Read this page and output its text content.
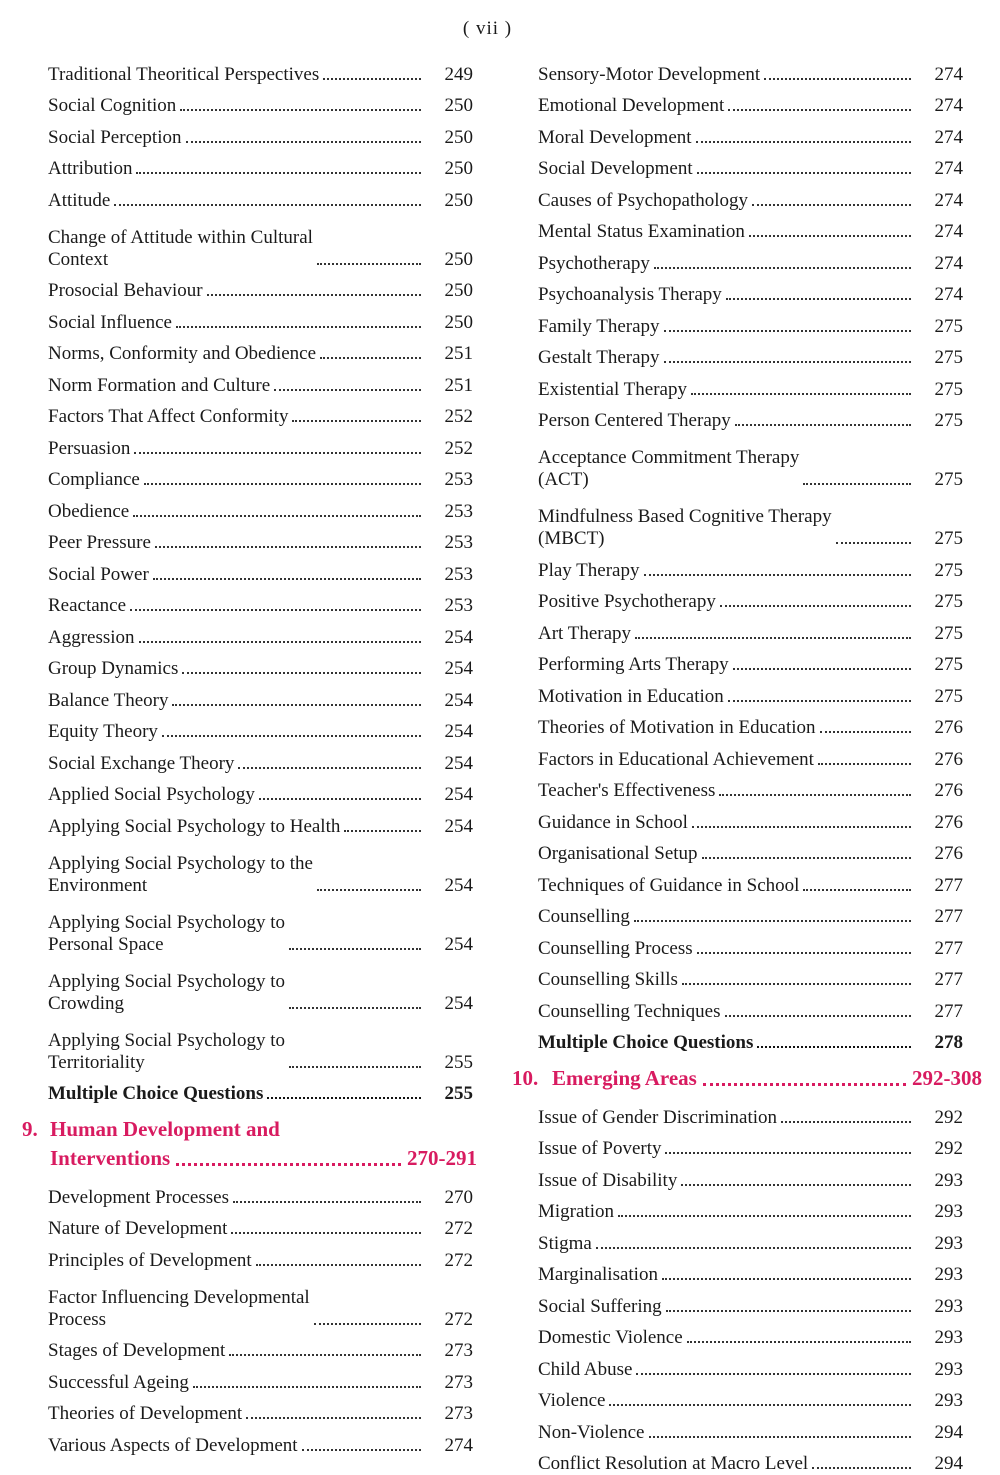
( vii )
Traditional Theoritical Perspectives	249
Social Cognition	250
Social Perception	250
Attribution	250
Attitude	250
Change of Attitude within Cultural
Context	250
Prosocial Behaviour	250
Social Influence	250
Norms, Conformity and Obedience	251
Norm Formation and Culture	251
Factors That Affect Conformity	252
Persuasion	252
Compliance	253
Obedience	253
Peer Pressure	253
Social Power	253
Reactance	253
Aggression	254
Group Dynamics	254
Balance Theory	254
Equity Theory	254
Social Exchange Theory	254
Applied Social Psychology	254
Applying Social Psychology to Health	254
Applying Social Psychology to the
Environment	254
Applying Social Psychology to
Personal Space	254
Applying Social Psychology to
Crowding	254
Applying Social Psychology to
Territoriality	255
Multiple Choice Questions	255
9. Human Development and
Interventions	270-291
Development Processes	270
Nature of Development	272
Principles of Development	272
Factor Influencing Developmental
Process	272
Stages of Development	273
Successful Ageing	273
Theories of Development	273
Various Aspects of Development	274
Sensory-Motor Development	274
Emotional Development	274
Moral Development	274
Social Development	274
Causes of Psychopathology	274
Mental Status Examination	274
Psychotherapy	274
Psychoanalysis Therapy	274
Family Therapy	275
Gestalt Therapy	275
Existential Therapy	275
Person Centered Therapy	275
Acceptance Commitment Therapy
(ACT)	275
Mindfulness Based Cognitive Therapy
(MBCT)	275
Play Therapy	275
Positive Psychotherapy	275
Art Therapy	275
Performing Arts Therapy	275
Motivation in Education	275
Theories of Motivation in Education	276
Factors in Educational Achievement	276
Teacher's Effectiveness	276
Guidance in School	276
Organisational Setup	276
Techniques of Guidance in School	277
Counselling	277
Counselling Process	277
Counselling Skills	277
Counselling Techniques	277
Multiple Choice Questions	278
10. Emerging Areas	292-308
Issue of Gender Discrimination	292
Issue of Poverty	292
Issue of Disability	293
Migration	293
Stigma	293
Marginalisation	293
Social Suffering	293
Domestic Violence	293
Child Abuse	293
Violence	293
Non-Violence	294
Conflict Resolution at Macro Level	294
